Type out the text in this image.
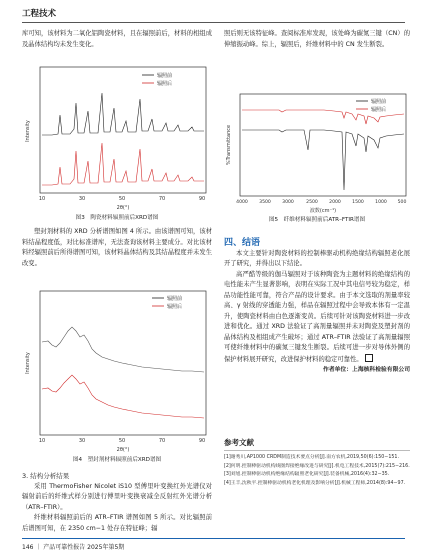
工程技术

库可知，该材料为二氧化铝陶瓷材料，且在辐照前后，材料的相组成及晶体结构均未发生变化。

Intensity
辐照前
辐照后
10	30	50	70	90
2θ(°)
图3　陶瓷材料辐照前后XRD谱图

塑封剂材料的 XRD 分析谱图如图 4 所示。由该谱图可知，该材料结晶程度低，对比标准谱库，无法查询该材料主要成分。对比该材料经辐照前后所得谱图可知，该材料晶体结构及其结晶程度并未发生改变。

Intensity
辐照前
辐照后
10	30	50	70	90
2θ(°)
图4　塑封剂材料辐照前后XRD谱图

3. 结构分析结果

采用 ThermoFisher Nicolet iS10 型傅里叶变换红外光谱仪对辐射前后的纤维式样分别进行傅里叶变换衰减全反射红外光谱分析（ATR–FTIR）。

纤维材料辐照前后的 ATR–FTIR 谱图如图 5 所示。对比辐照前后谱图可知，在 2350 cm−1 处存在特征峰；辐

照后则无该特征峰。查阅标准库发现，该处峰为碳氮三键（CN）的伸缩振动峰。综上，辐照后，纤维材料中的 CN 发生断裂。

%Transmittance
辐照前
辐照后
4000 3500 3000	2500 2000 1500 1000 500
波数(cm⁻¹)
图5　纤维材料辐照前后ATR–FTIR谱图
四、结语

本文主要针对陶瓷材料的控制棒驱动机构绝缘结构辐照老化展开了研究，并得出以下结论。

高严酷等级的伽马辐照对于该种陶瓷为主题材料的绝缘结构的电性能未产生显著影响，表明在实际工况中其电信号较为稳定，样品功能性能可靠，符合产品的设计要求。由于本文选取的剂量率较高、γ 射线的穿透能力强，样品在辐照过程中会导致本体有一定温升，使陶瓷材料由白色逐渐变黄。后续可针对该陶瓷材料进一步改进和优化。通过 XRD 法验证了高剂量辐照并未对陶瓷及塑封剂的晶体结构及相组成产生破坏；通过 ATR–FTIR 法验证了高剂量辐照可使纤维材料中的碳氮三键发生断裂。后续可进一步对导体外侧的保护材料展开研究，改进保护材料的稳定可靠性。

作者单位：上海核科检验有限公司
参考文献

[1]谢秀川,AP1000 CRDM制造技术要点分析[J].南方农机,2019,50(6):150−151.

[2]何明.控制棒驱动机构线圈焊接绝缘改进与研究[J].机电工程技术,2015(7):215−216.

[3]刘旭.控制棒驱动机构绝缘结构辐照老化研究[J].装备机械,2016(4):32−35.

[4]王丰,沈秋平.控制棒驱动机构老化机理及影响分析[J].机械工程师,2014(8):94−97.

146 ｜ 产品可靠性报告 2025年第5期
